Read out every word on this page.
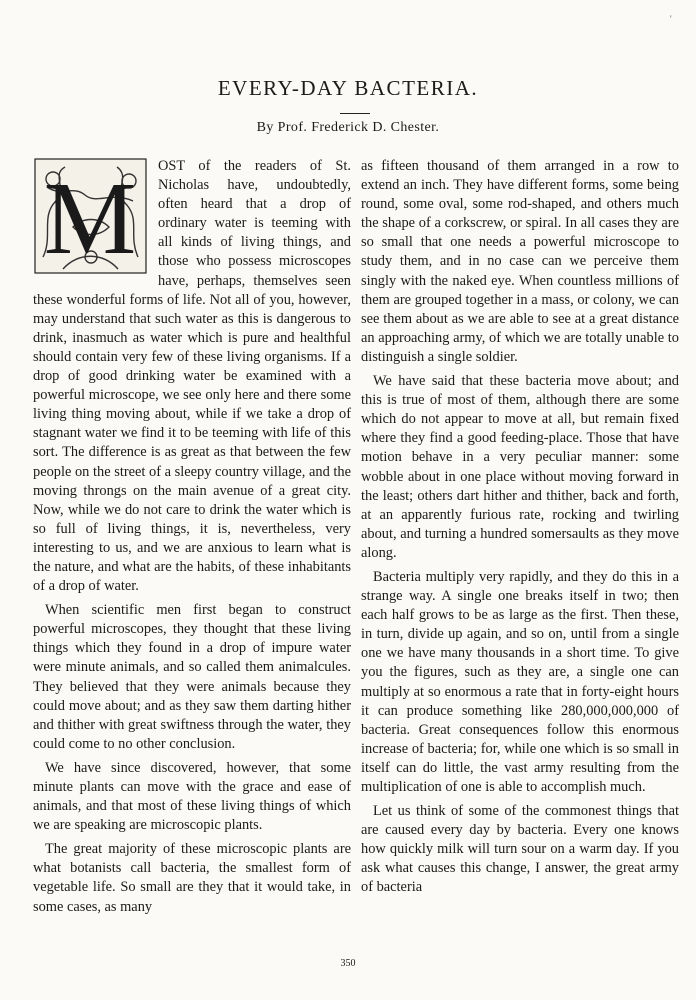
'
EVERY-DAY BACTERIA.
By Prof. Frederick D. Chester.

M OST of the readers of St. Nicholas have, undoubtedly, often heard that a drop of ordinary water is teeming with all kinds of living things, and those who possess microscopes have, perhaps, themselves seen these wonderful forms of life. Not all of you, however, may understand that such water as this is dangerous to drink, inasmuch as water which is pure and healthful should contain very few of these living organisms. If a drop of good drinking water be examined with a powerful microscope, we see only here and there some living thing moving about, while if we take a drop of stagnant water we find it to be teeming with life of this sort. The difference is as great as that between the few people on the street of a sleepy country village, and the moving throngs on the main avenue of a great city. Now, while we do not care to drink the water which is so full of living things, it is, nevertheless, very interesting to us, and we are anxious to learn what is the nature, and what are the habits, of these inhabitants of a drop of water.

When scientific men first began to construct powerful microscopes, they thought that these living things which they found in a drop of impure water were minute animals, and so called them animalcules. They believed that they were animals because they could move about; and as they saw them darting hither and thither with great swiftness through the water, they could come to no other conclusion.

We have since discovered, however, that some minute plants can move with the grace and ease of animals, and that most of these living things of which we are speaking are microscopic plants.

The great majority of these microscopic plants are what botanists call bacteria, the smallest form of vegetable life. So small are they that it would take, in some cases, as many

as fifteen thousand of them arranged in a row to extend an inch. They have different forms, some being round, some oval, some rod-shaped, and others much the shape of a corkscrew, or spiral. In all cases they are so small that one needs a powerful microscope to study them, and in no case can we perceive them singly with the naked eye. When countless millions of them are grouped together in a mass, or colony, we can see them about as we are able to see at a great distance an approaching army, of which we are totally unable to distinguish a single soldier.

We have said that these bacteria move about; and this is true of most of them, although there are some which do not appear to move at all, but remain fixed where they find a good feeding-place. Those that have motion behave in a very peculiar manner: some wobble about in one place without moving forward in the least; others dart hither and thither, back and forth, at an apparently furious rate, rocking and twirling about, and turning a hundred somersaults as they move along.

Bacteria multiply very rapidly, and they do this in a strange way. A single one breaks itself in two; then each half grows to be as large as the first. Then these, in turn, divide up again, and so on, until from a single one we have many thousands in a short time. To give you the figures, such as they are, a single one can multiply at so enormous a rate that in forty-eight hours it can produce something like 280,000,000,000 of bacteria. Great consequences follow this enormous increase of bacteria; for, while one which is so small in itself can do little, the vast army resulting from the multiplication of one is able to accomplish much.

Let us think of some of the commonest things that are caused every day by bacteria. Every one knows how quickly milk will turn sour on a warm day. If you ask what causes this change, I answer, the great army of bacteria

350
